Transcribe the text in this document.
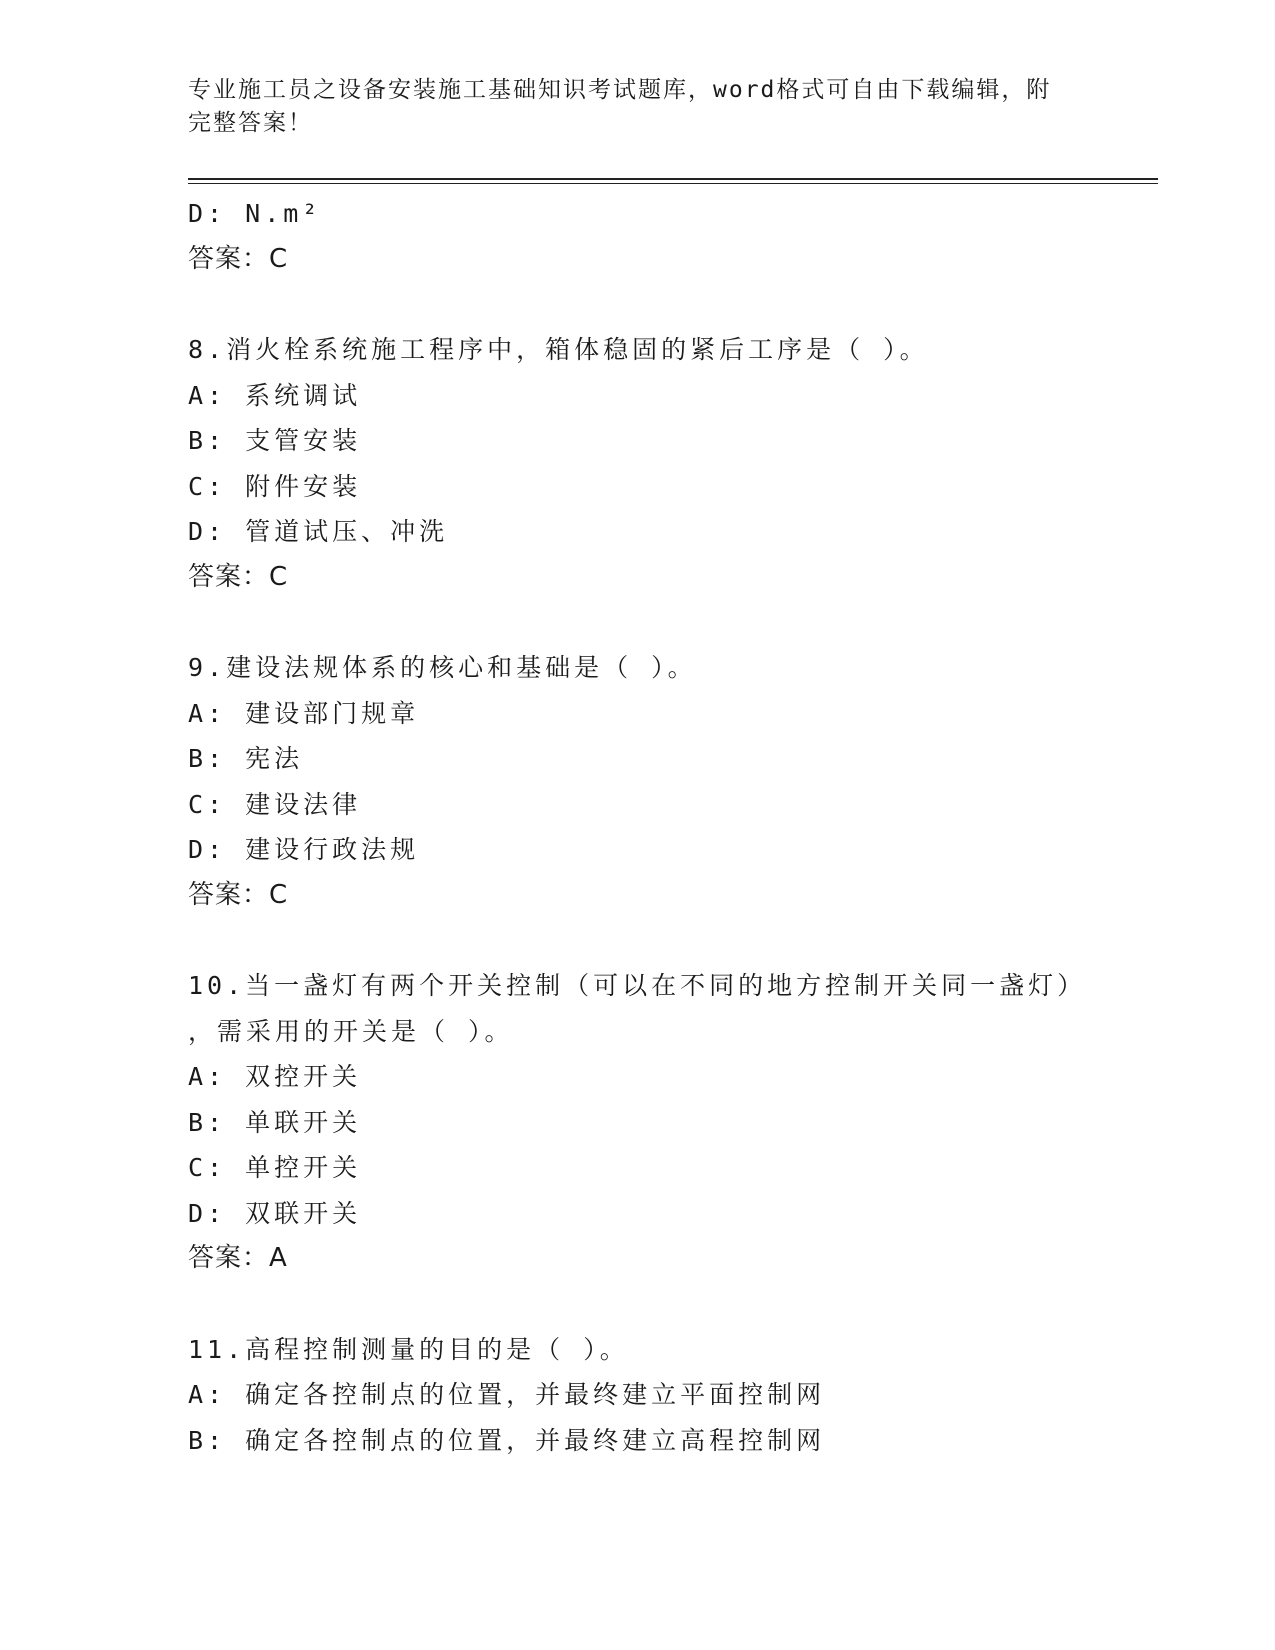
专业施工员之设备安装施工基础知识考试题库，word格式可自由下载编辑，附完整答案！
D: N.m²
答案：C
8.消火栓系统施工程序中，箱体稳固的紧后工序是（ ）。
A: 系统调试
B: 支管安装
C: 附件安装
D: 管道试压、冲洗
答案：C
9.建设法规体系的核心和基础是（ ）。
A: 建设部门规章
B: 宪法
C: 建设法律
D: 建设行政法规
答案：C
10.当一盏灯有两个开关控制（可以在不同的地方控制开关同一盏灯）
，需采用的开关是（ ）。
A: 双控开关
B: 单联开关
C: 单控开关
D: 双联开关
答案：A
11.高程控制测量的目的是（ ）。
A: 确定各控制点的位置，并最终建立平面控制网
B: 确定各控制点的位置，并最终建立高程控制网
